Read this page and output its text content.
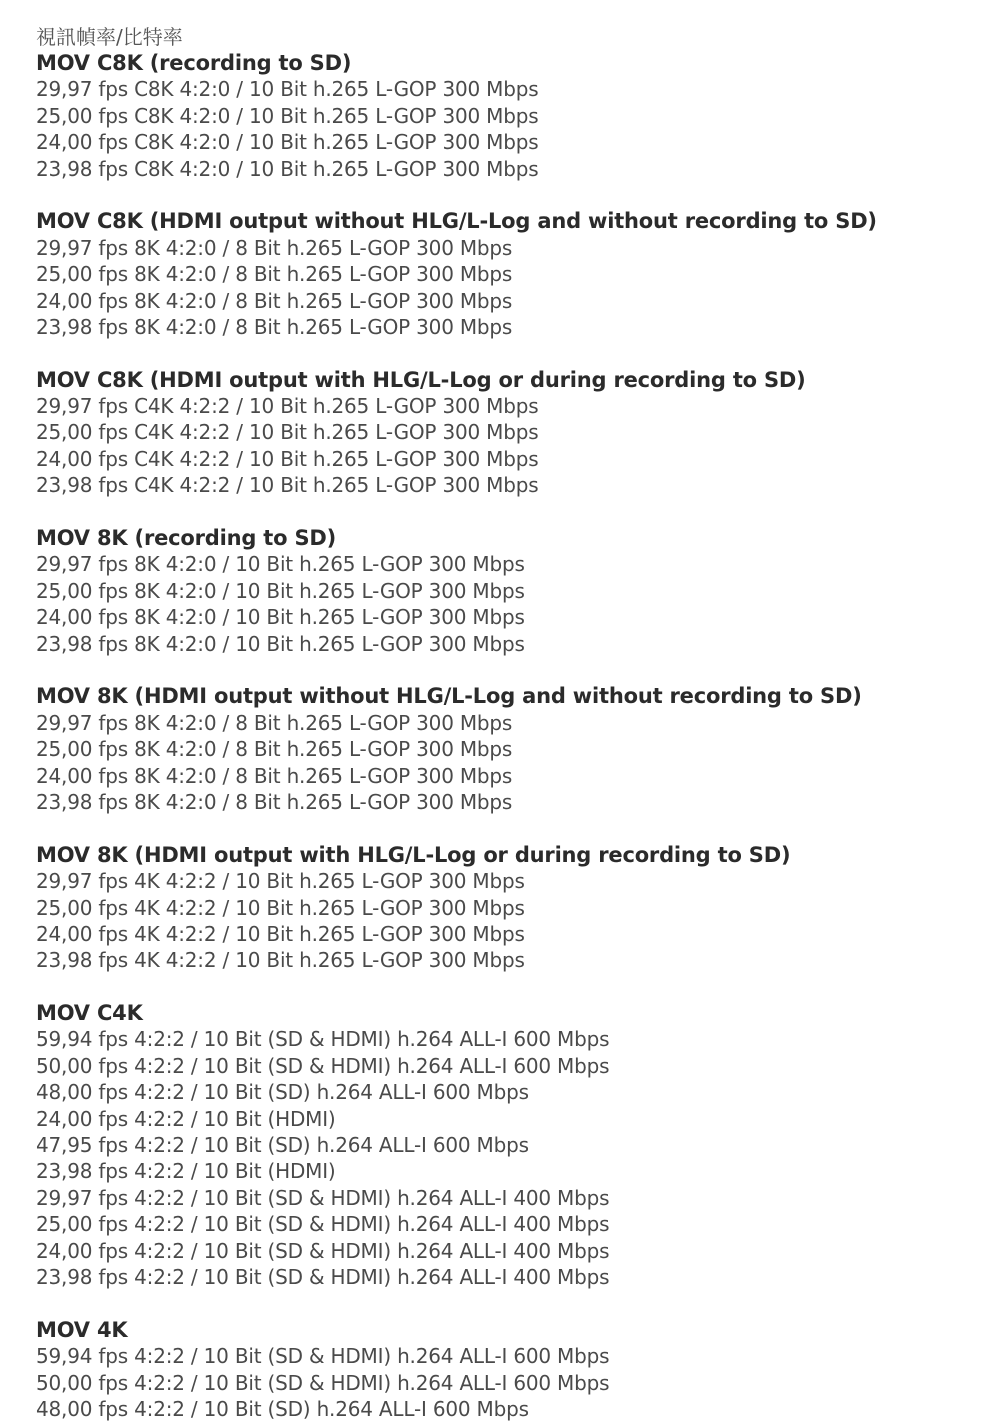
視訊幀率/比特率
MOV C8K (recording to SD)
29,97 fps C8K 4:2:0 / 10 Bit h.265 L-GOP 300 Mbps
25,00 fps C8K 4:2:0 / 10 Bit h.265 L-GOP 300 Mbps
24,00 fps C8K 4:2:0 / 10 Bit h.265 L-GOP 300 Mbps
23,98 fps C8K 4:2:0 / 10 Bit h.265 L-GOP 300 Mbps
MOV C8K (HDMI output without HLG/L-Log and without recording to SD)
29,97 fps 8K 4:2:0 / 8 Bit h.265 L-GOP 300 Mbps
25,00 fps 8K 4:2:0 / 8 Bit h.265 L-GOP 300 Mbps
24,00 fps 8K 4:2:0 / 8 Bit h.265 L-GOP 300 Mbps
23,98 fps 8K 4:2:0 / 8 Bit h.265 L-GOP 300 Mbps
MOV C8K (HDMI output with HLG/L-Log or during recording to SD)
29,97 fps C4K 4:2:2 / 10 Bit h.265 L-GOP 300 Mbps
25,00 fps C4K 4:2:2 / 10 Bit h.265 L-GOP 300 Mbps
24,00 fps C4K 4:2:2 / 10 Bit h.265 L-GOP 300 Mbps
23,98 fps C4K 4:2:2 / 10 Bit h.265 L-GOP 300 Mbps
MOV 8K (recording to SD)
29,97 fps 8K 4:2:0 / 10 Bit h.265 L-GOP 300 Mbps
25,00 fps 8K 4:2:0 / 10 Bit h.265 L-GOP 300 Mbps
24,00 fps 8K 4:2:0 / 10 Bit h.265 L-GOP 300 Mbps
23,98 fps 8K 4:2:0 / 10 Bit h.265 L-GOP 300 Mbps
MOV 8K (HDMI output without HLG/L-Log and without recording to SD)
29,97 fps 8K 4:2:0 / 8 Bit h.265 L-GOP 300 Mbps
25,00 fps 8K 4:2:0 / 8 Bit h.265 L-GOP 300 Mbps
24,00 fps 8K 4:2:0 / 8 Bit h.265 L-GOP 300 Mbps
23,98 fps 8K 4:2:0 / 8 Bit h.265 L-GOP 300 Mbps
MOV 8K (HDMI output with HLG/L-Log or during recording to SD)
29,97 fps 4K 4:2:2 / 10 Bit h.265 L-GOP 300 Mbps
25,00 fps 4K 4:2:2 / 10 Bit h.265 L-GOP 300 Mbps
24,00 fps 4K 4:2:2 / 10 Bit h.265 L-GOP 300 Mbps
23,98 fps 4K 4:2:2 / 10 Bit h.265 L-GOP 300 Mbps
MOV C4K
59,94 fps 4:2:2 / 10 Bit (SD & HDMI) h.264 ALL-I 600 Mbps
50,00 fps 4:2:2 / 10 Bit (SD & HDMI) h.264 ALL-I 600 Mbps
48,00 fps 4:2:2 / 10 Bit (SD) h.264 ALL-I 600 Mbps
24,00 fps 4:2:2 / 10 Bit (HDMI)
47,95 fps 4:2:2 / 10 Bit (SD) h.264 ALL-I 600 Mbps
23,98 fps 4:2:2 / 10 Bit (HDMI)
29,97 fps 4:2:2 / 10 Bit (SD & HDMI) h.264 ALL-I 400 Mbps
25,00 fps 4:2:2 / 10 Bit (SD & HDMI) h.264 ALL-I 400 Mbps
24,00 fps 4:2:2 / 10 Bit (SD & HDMI) h.264 ALL-I 400 Mbps
23,98 fps 4:2:2 / 10 Bit (SD & HDMI) h.264 ALL-I 400 Mbps
MOV 4K
59,94 fps 4:2:2 / 10 Bit (SD & HDMI) h.264 ALL-I 600 Mbps
50,00 fps 4:2:2 / 10 Bit (SD & HDMI) h.264 ALL-I 600 Mbps
48,00 fps 4:2:2 / 10 Bit (SD) h.264 ALL-I 600 Mbps
